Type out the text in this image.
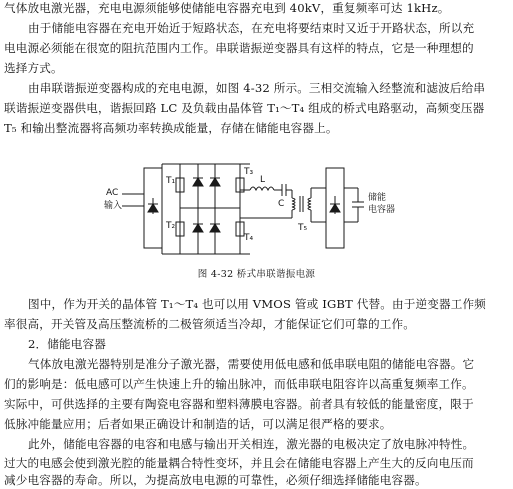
气体放电激光器，充电电源须能够使储能电容器充电到 40kV，重复频率可达 1kHz。
由于储能电容器在充电开始近于短路状态，在充电将要结束时又近于开路状态，所以充
电电源必须能在很宽的阻抗范围内工作。串联谐振逆变器具有这样的特点，它是一种理想的
选择方式。
由串联谐振逆变器构成的充电电源，如图 4-32 所示。三相交流输入经整流和滤波后给串
联谐振逆变器供电，谐振回路 LC 及负载由晶体管 T₁～T₄ 组成的桥式电路驱动，高频变压器
T₅ 和输出整流器将高频功率转换成能量，存储在储能电容器上。
AC
输入
T₁
T₂
T₃
T₄
L
C
T₅
储能
电容器
图 4-32 桥式串联谐振电源
图中，作为开关的晶体管 T₁～T₄ 也可以用 VMOS 管或 IGBT 代替。由于逆变器工作频
率很高，开关管及高压整流桥的二极管须适当冷却，才能保证它们可靠的工作。
2．储能电容器
气体放电激光器特别是准分子激光器，需要使用低电感和低串联电阻的储能电容器。它
们的影响是：低电感可以产生快速上升的输出脉冲，而低串联电阻容许以高重复频率工作。
实际中，可供选择的主要有陶瓷电容器和塑料薄膜电容器。前者具有较低的能量密度，限于
低脉冲能量应用；后者如果正确设计和制造的话，可以满足很严格的要求。
此外，储能电容器的电容和电感与输出开关相连，激光器的电极决定了放电脉冲特性。
过大的电感会使到激光腔的能量耦合特性变坏，并且会在储能电容器上产生大的反向电压而
减少电容器的寿命。所以，为提高放电电源的可靠性，必须仔细选择储能电容器。
